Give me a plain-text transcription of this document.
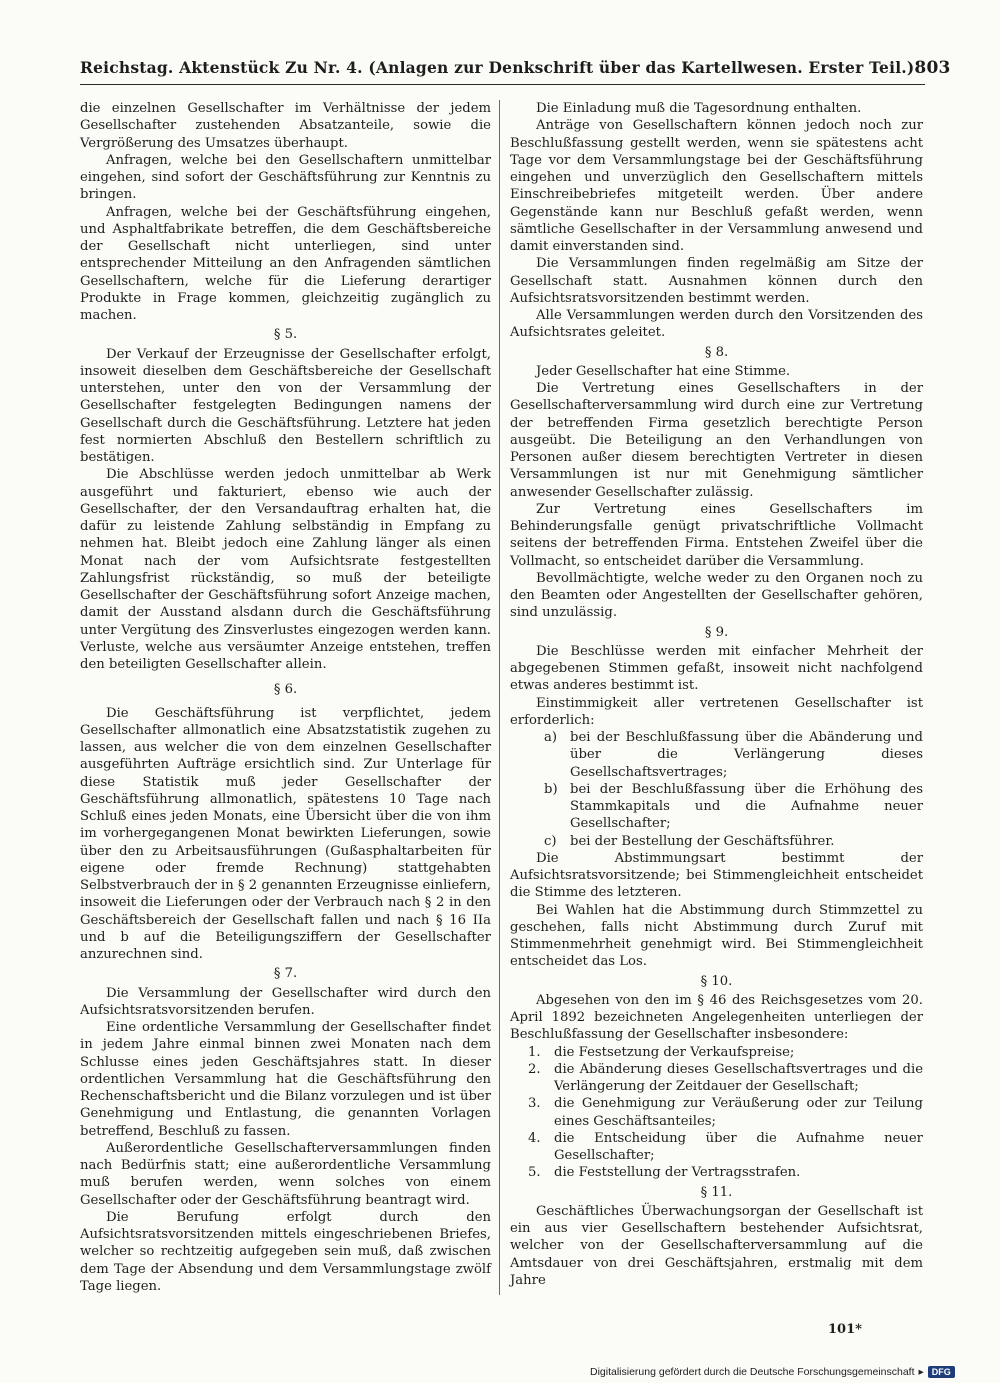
Reichstag. Aktenstück Zu Nr. 4. (Anlagen zur Denkschrift über das Kartellwesen. Erster Teil.) 803

die einzelnen Gesellschafter im Verhältnisse der jedem Gesellschafter zustehenden Absatzanteile, sowie die Vergrößerung des Umsatzes überhaupt.

Anfragen, welche bei den Gesellschaftern unmittelbar eingehen, sind sofort der Geschäftsführung zur Kenntnis zu bringen.

Anfragen, welche bei der Geschäftsführung eingehen, und Asphaltfabrikate betreffen, die dem Geschäftsbereiche der Gesellschaft nicht unterliegen, sind unter entsprechender Mitteilung an den Anfragenden sämtlichen Gesellschaftern, welche für die Lieferung derartiger Produkte in Frage kommen, gleichzeitig zugänglich zu machen.

§ 5.

Der Verkauf der Erzeugnisse der Gesellschafter erfolgt, insoweit dieselben dem Geschäftsbereiche der Gesellschaft unterstehen, unter den von der Versammlung der Gesellschafter festgelegten Bedingungen namens der Gesellschaft durch die Geschäftsführung. Letztere hat jeden fest normierten Abschluß den Bestellern schriftlich zu bestätigen.

Die Abschlüsse werden jedoch unmittelbar ab Werk ausgeführt und fakturiert, ebenso wie auch der Gesellschafter, der den Versandauftrag erhalten hat, die dafür zu leistende Zahlung selbständig in Empfang zu nehmen hat. Bleibt jedoch eine Zahlung länger als einen Monat nach der vom Aufsichtsrate festgestellten Zahlungsfrist rückständig, so muß der beteiligte Gesellschafter der Geschäftsführung sofort Anzeige machen, damit der Ausstand alsdann durch die Geschäftsführung unter Vergütung des Zinsverlustes eingezogen werden kann. Verluste, welche aus versäumter Anzeige entstehen, treffen den beteiligten Gesellschafter allein.

§ 6.

Die Geschäftsführung ist verpflichtet, jedem Gesellschafter allmonatlich eine Absatzstatistik zugehen zu lassen, aus welcher die von dem einzelnen Gesellschafter ausgeführten Aufträge ersichtlich sind. Zur Unterlage für diese Statistik muß jeder Gesellschafter der Geschäftsführung allmonatlich, spätestens 10 Tage nach Schluß eines jeden Monats, eine Übersicht über die von ihm im vorhergegangenen Monat bewirkten Lieferungen, sowie über den zu Arbeitsausführungen (Gußasphaltarbeiten für eigene oder fremde Rechnung) stattgehabten Selbstverbrauch der in § 2 genannten Erzeugnisse einliefern, insoweit die Lieferungen oder der Verbrauch nach § 2 in den Geschäftsbereich der Gesellschaft fallen und nach § 16 IIa und b auf die Beteiligungsziffern der Gesellschafter anzurechnen sind.

§ 7.

Die Versammlung der Gesellschafter wird durch den Aufsichtsratsvorsitzenden berufen.

Eine ordentliche Versammlung der Gesellschafter findet in jedem Jahre einmal binnen zwei Monaten nach dem Schlusse eines jeden Geschäftsjahres statt. In dieser ordentlichen Versammlung hat die Geschäftsführung den Rechenschaftsbericht und die Bilanz vorzulegen und ist über Genehmigung und Entlastung, die genannten Vorlagen betreffend, Beschluß zu fassen.

Außerordentliche Gesellschafterversammlungen finden nach Bedürfnis statt; eine außerordentliche Versammlung muß berufen werden, wenn solches von einem Gesellschafter oder der Geschäftsführung beantragt wird.

Die Berufung erfolgt durch den Aufsichtsratsvorsitzenden mittels eingeschriebenen Briefes, welcher so rechtzeitig aufgegeben sein muß, daß zwischen dem Tage der Absendung und dem Versammlungstage zwölf Tage liegen.

Die Einladung muß die Tagesordnung enthalten.

Anträge von Gesellschaftern können jedoch noch zur Beschlußfassung gestellt werden, wenn sie spätestens acht Tage vor dem Versammlungstage bei der Geschäftsführung eingehen und unverzüglich den Gesellschaftern mittels Einschreibebriefes mitgeteilt werden. Über andere Gegenstände kann nur Beschluß gefaßt werden, wenn sämtliche Gesellschafter in der Versammlung anwesend und damit einverstanden sind.

Die Versammlungen finden regelmäßig am Sitze der Gesellschaft statt. Ausnahmen können durch den Aufsichtsratsvorsitzenden bestimmt werden.

Alle Versammlungen werden durch den Vorsitzenden des Aufsichtsrates geleitet.

§ 8.

Jeder Gesellschafter hat eine Stimme.

Die Vertretung eines Gesellschafters in der Gesellschafterversammlung wird durch eine zur Vertretung der betreffenden Firma gesetzlich berechtigte Person ausgeübt. Die Beteiligung an den Verhandlungen von Personen außer diesem berechtigten Vertreter in diesen Versammlungen ist nur mit Genehmigung sämtlicher anwesender Gesellschafter zulässig.

Zur Vertretung eines Gesellschafters im Behinderungsfalle genügt privatschriftliche Vollmacht seitens der betreffenden Firma. Entstehen Zweifel über die Vollmacht, so entscheidet darüber die Versammlung.

Bevollmächtigte, welche weder zu den Organen noch zu den Beamten oder Angestellten der Gesellschafter gehören, sind unzulässig.

§ 9.

Die Beschlüsse werden mit einfacher Mehrheit der abgegebenen Stimmen gefaßt, insoweit nicht nachfolgend etwas anderes bestimmt ist.

Einstimmigkeit aller vertretenen Gesellschafter ist erforderlich:

a) bei der Beschlußfassung über die Abänderung und über die Verlängerung dieses Gesellschaftsvertrages;
b) bei der Beschlußfassung über die Erhöhung des Stammkapitals und die Aufnahme neuer Gesellschafter;
c) bei der Bestellung der Geschäftsführer.

Die Abstimmungsart bestimmt der Aufsichtsratsvorsitzende; bei Stimmengleichheit entscheidet die Stimme des letzteren.

Bei Wahlen hat die Abstimmung durch Stimmzettel zu geschehen, falls nicht Abstimmung durch Zuruf mit Stimmenmehrheit genehmigt wird. Bei Stimmengleichheit entscheidet das Los.

§ 10.

Abgesehen von den im § 46 des Reichsgesetzes vom 20. April 1892 bezeichneten Angelegenheiten unterliegen der Beschlußfassung der Gesellschafter insbesondere:

1. die Festsetzung der Verkaufspreise;
2. die Abänderung dieses Gesellschaftsvertrages und die Verlängerung der Zeitdauer der Gesellschaft;
3. die Genehmigung zur Veräußerung oder zur Teilung eines Geschäftsanteiles;
4. die Entscheidung über die Aufnahme neuer Gesellschafter;
5. die Feststellung der Vertragsstrafen.
§ 11.

Geschäftliches Überwachungsorgan der Gesellschaft ist ein aus vier Gesellschaftern bestehender Aufsichtsrat, welcher von der Gesellschafterversammlung auf die Amtsdauer von drei Geschäftsjahren, erstmalig mit dem Jahre

101*
Digitalisierung gefördert durch die Deutsche Forschungsgemeinschaft ▸ DFG
